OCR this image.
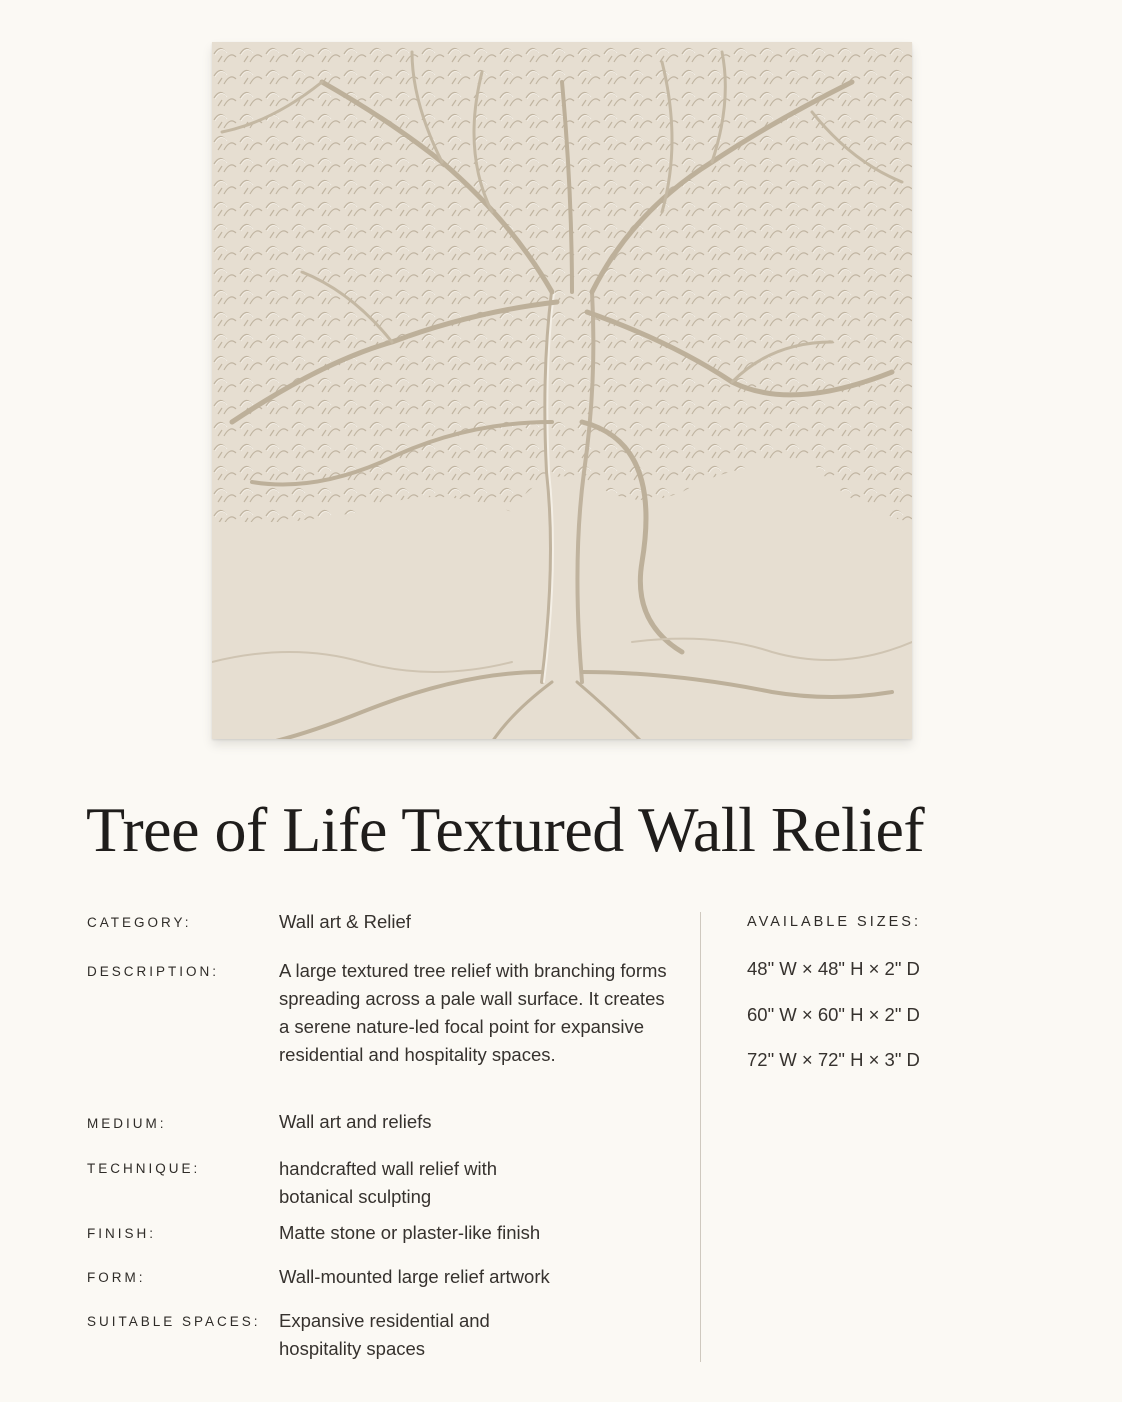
Tree of Life Textured Wall Relief
CATEGORY:	Wall art & Relief
DESCRIPTION:	A large textured tree relief with branching forms spreading across a pale wall surface. It creates a serene nature-led focal point for expansive residential and hospitality spaces.
MEDIUM:	Wall art and reliefs
TECHNIQUE:	handcrafted wall relief with botanical sculpting
FINISH:	Matte stone or plaster-like finish
FORM:	Wall-mounted large relief artwork
SUITABLE SPACES: Expansive residential and hospitality spaces
AVAILABLE SIZES:
48" W × 48" H × 2" D
60" W × 60" H × 2" D
72" W × 72" H × 3" D
